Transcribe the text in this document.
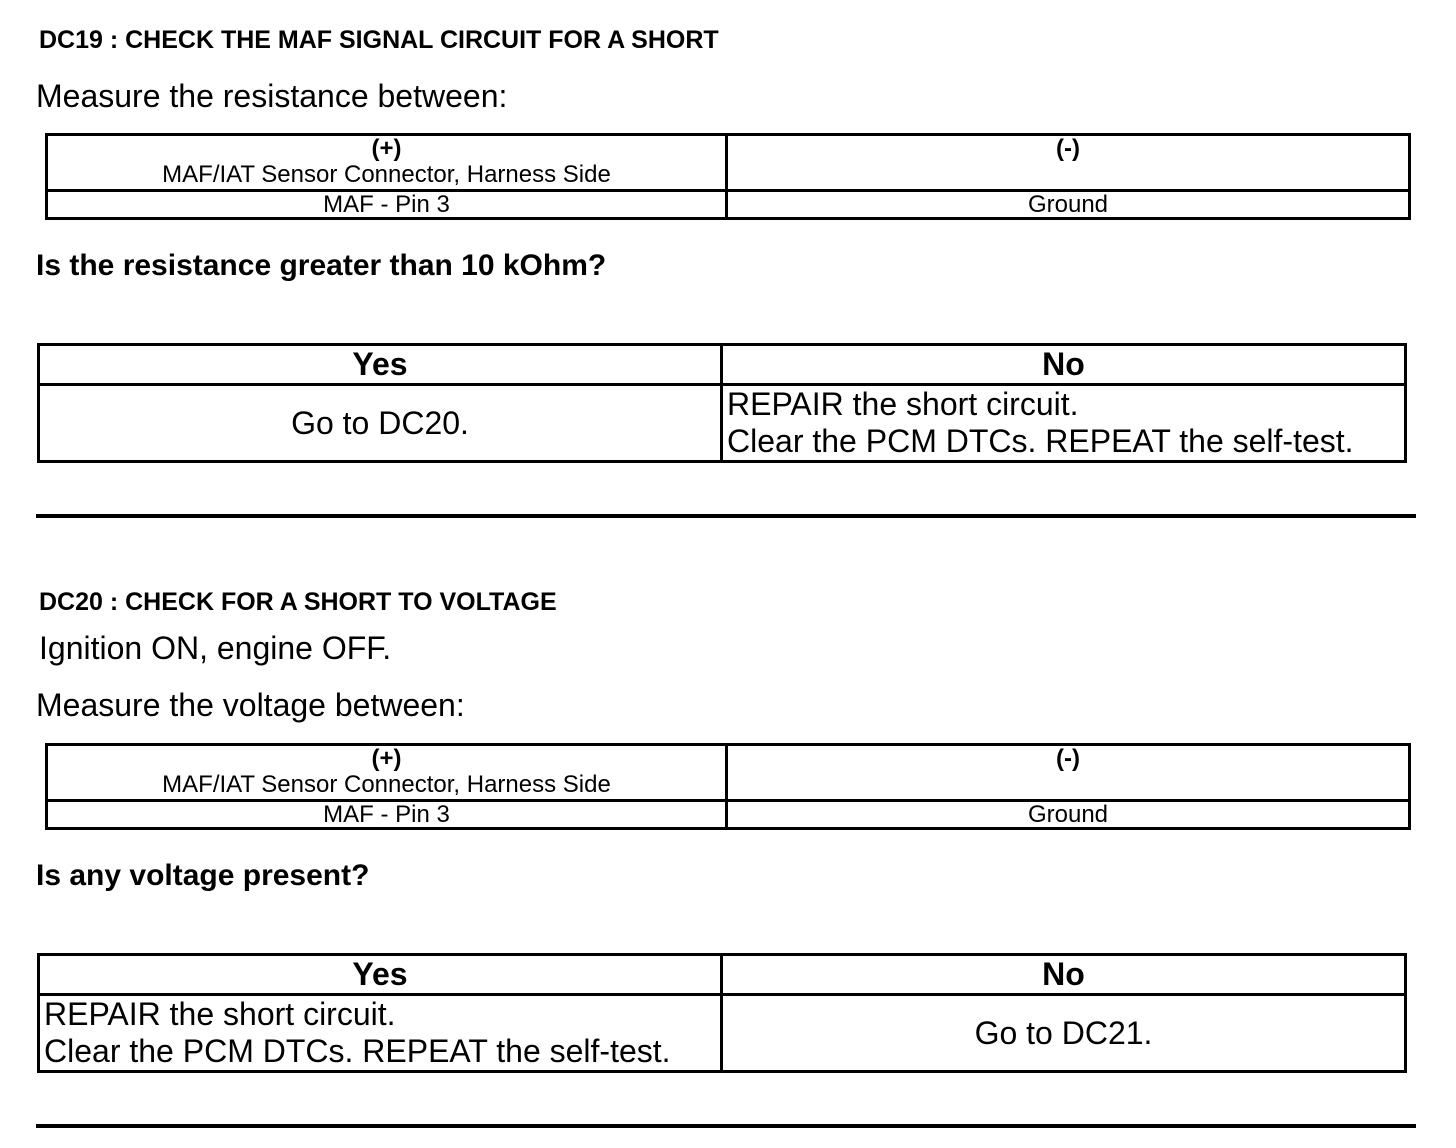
DC19 : CHECK THE MAF SIGNAL CIRCUIT FOR A SHORT
Measure the resistance between:
(+)
MAF/IAT Sensor Connector, Harness Side	(-)

MAF - Pin 3	Ground
Is the resistance greater than 10 kOhm?
Yes	No

Go to DC20.	REPAIR the short circuit.
Clear the PCM DTCs. REPEAT the self-test.
DC20 : CHECK FOR A SHORT TO VOLTAGE
Ignition ON, engine OFF.
Measure the voltage between:
(+)
MAF/IAT Sensor Connector, Harness Side	(-)

MAF - Pin 3	Ground
Is any voltage present?
Yes	No

REPAIR the short circuit.
Clear the PCM DTCs. REPEAT the self-test.	Go to DC21.
